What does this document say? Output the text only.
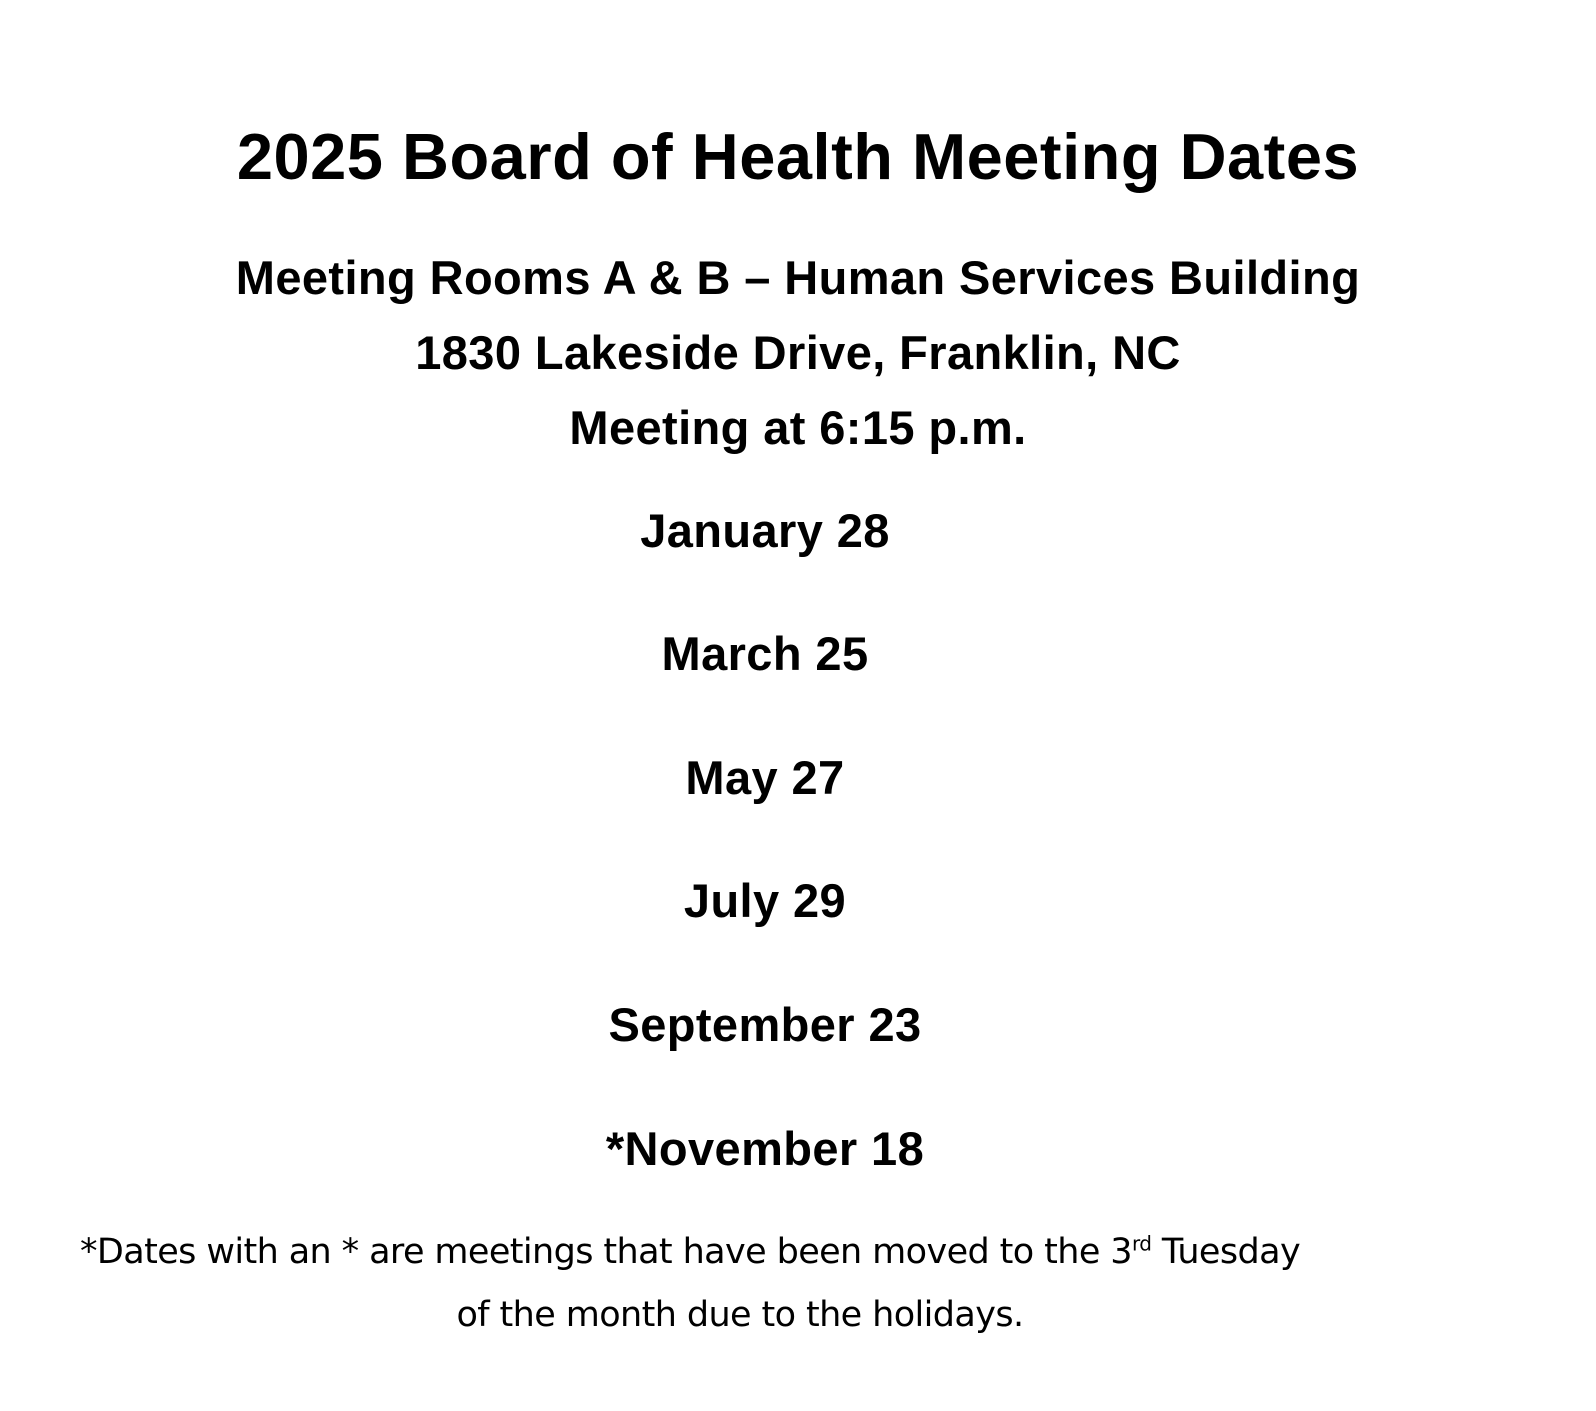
2025 Board of Health Meeting Dates
Meeting Rooms A & B – Human Services Building
1830 Lakeside Drive, Franklin, NC
Meeting at 6:15 p.m.
January 28
March 25
May 27
July 29
September 23
*November 18
*Dates with an * are meetings that have been moved to the 3rd Tuesday
of the month due to the holidays.
